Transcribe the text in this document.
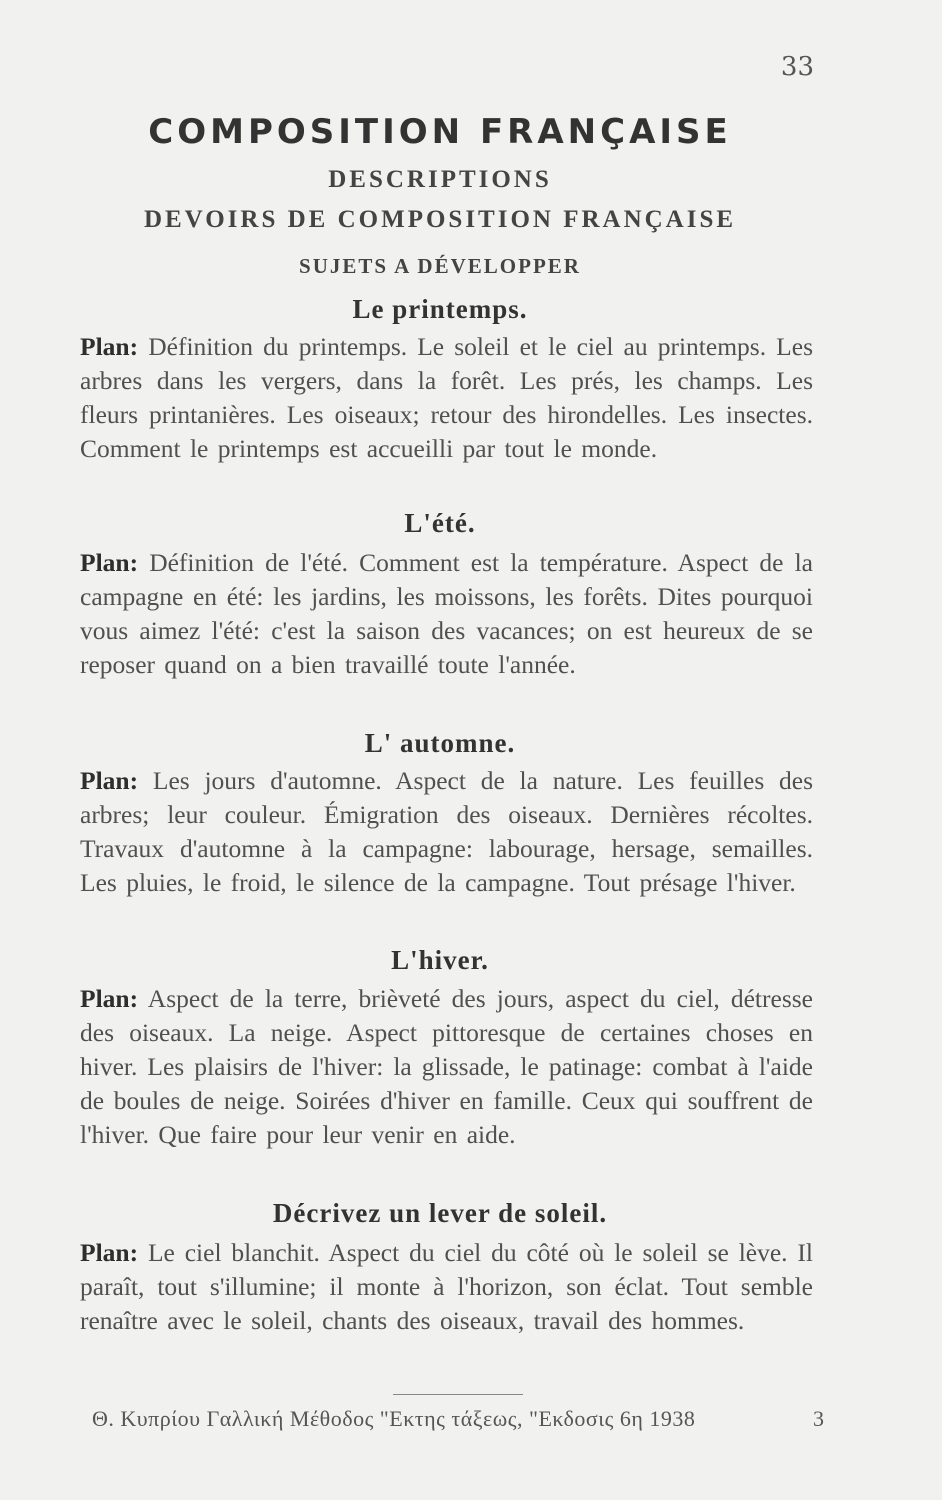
33
COMPOSITION FRANÇAISE
DESCRIPTIONS
DEVOIRS DE COMPOSITION FRANÇAISE
SUJETS A DÉVELOPPER
Le printemps.
Plan: Définition du printemps. Le soleil et le ciel au printemps. Les arbres dans les vergers, dans la forêt. Les prés, les champs. Les fleurs printanières. Les oiseaux; retour des hirondelles. Les insectes. Comment le printemps est accueilli par tout le monde.
L'été.
Plan: Définition de l'été. Comment est la température. Aspect de la campagne en été: les jardins, les moissons, les forêts. Dites pourquoi vous aimez l'été: c'est la saison des vacances; on est heureux de se reposer quand on a bien travaillé toute l'année.
L' automne.
Plan: Les jours d'automne. Aspect de la nature. Les feuilles des arbres; leur couleur. Émigration des oiseaux. Dernières récoltes. Travaux d'automne à la campagne: labourage, hersage, semailles. Les pluies, le froid, le silence de la campagne. Tout présage l'hiver.
L'hiver.
Plan: Aspect de la terre, brièveté des jours, aspect du ciel, détresse des oiseaux. La neige. Aspect pittoresque de certaines choses en hiver. Les plaisirs de l'hiver: la glissade, le patinage: combat à l'aide de boules de neige. Soirées d'hiver en famille. Ceux qui souffrent de l'hiver. Que faire pour leur venir en aide.
Décrivez un lever de soleil.
Plan: Le ciel blanchit. Aspect du ciel du côté où le soleil se lève. Il paraît, tout s'illumine; il monte à l'horizon, son éclat. Tout semble renaître avec le soleil, chants des oiseaux, travail des hommes.
Θ. Κυπρίου Γαλλική Μέθοδος "Εκτης τάξεως, "Εκδοσις 6η 1938	3
